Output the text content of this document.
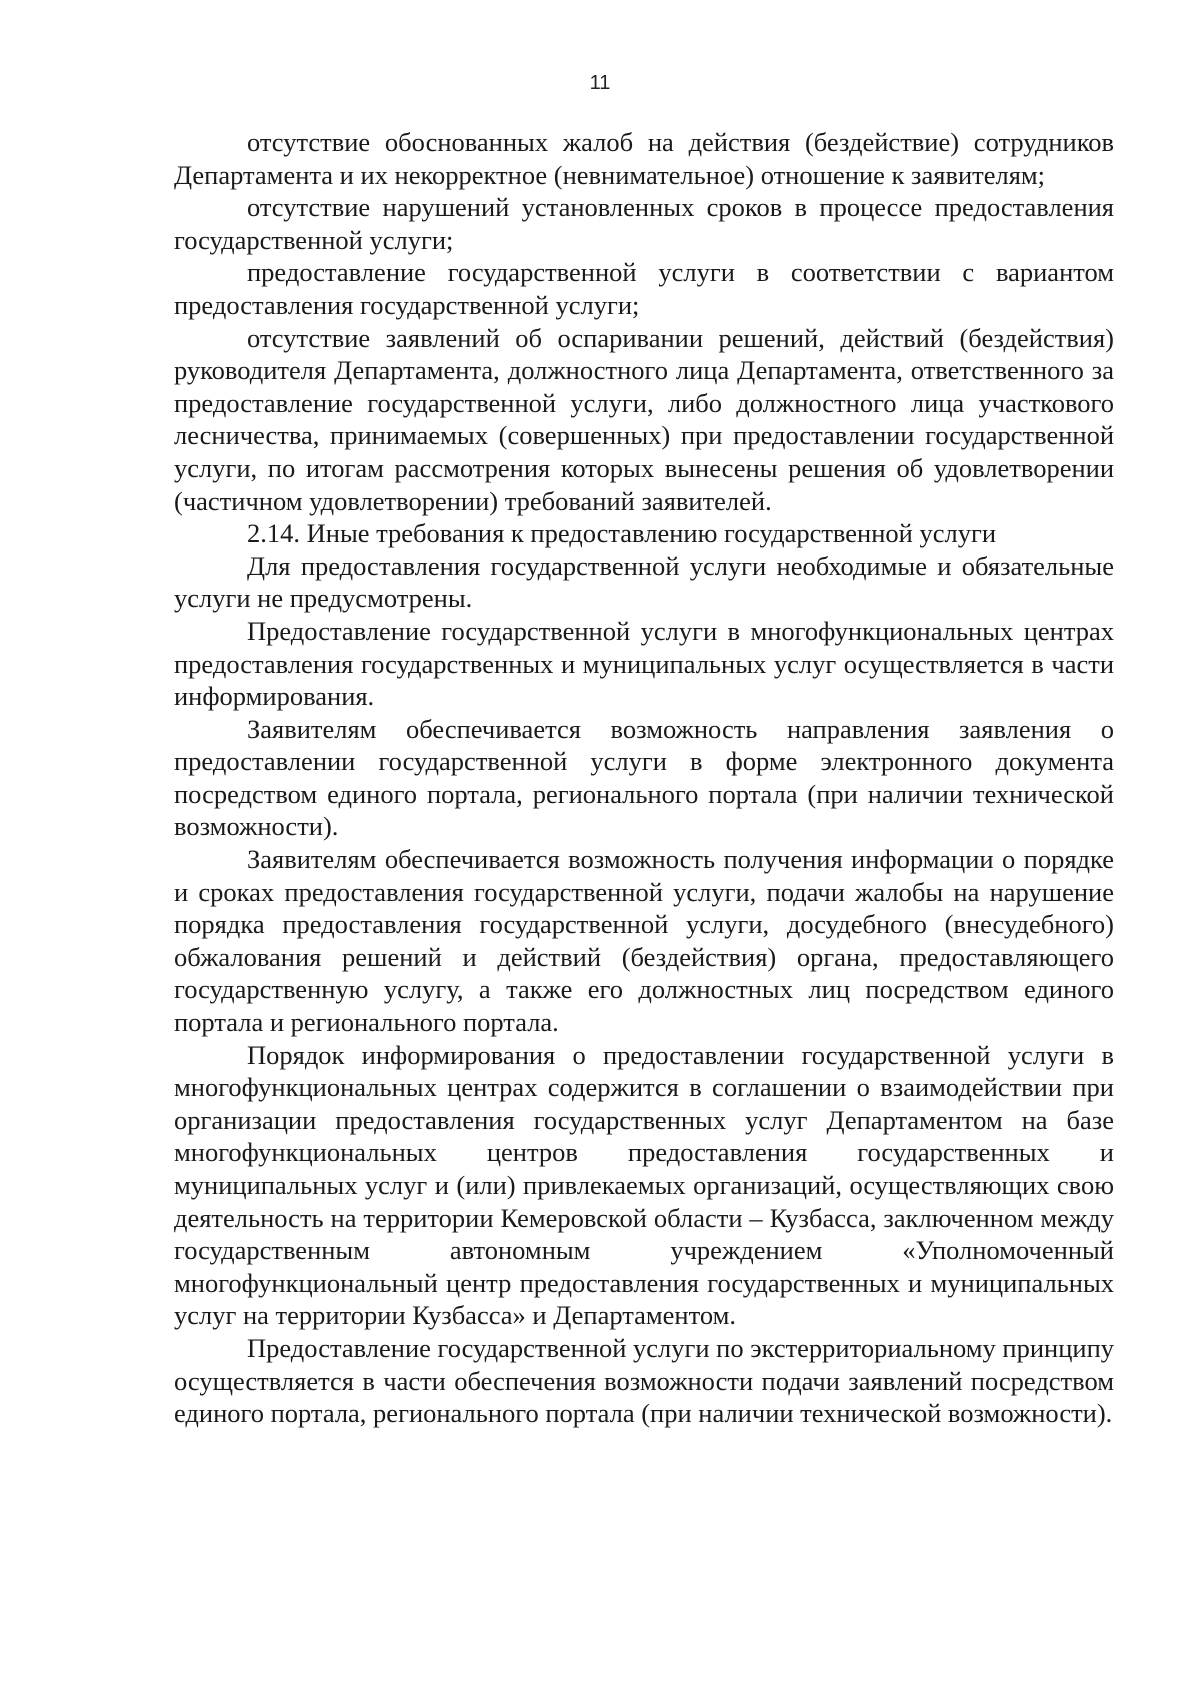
11

отсутствие обоснованных жалоб на действия (бездействие) сотрудников Департамента и их некорректное (невнимательное) отношение к заявителям;

отсутствие нарушений установленных сроков в процессе предоставления государственной услуги;

предоставление государственной услуги в соответствии с вариантом предоставления государственной услуги;

отсутствие заявлений об оспаривании решений, действий (бездействия) руководителя Департамента, должностного лица Департамента, ответственного за предоставление государственной услуги, либо должностного лица участкового лесничества, принимаемых (совершенных) при предоставлении государственной услуги, по итогам рассмотрения которых вынесены решения об удовлетворении (частичном удовлетворении) требований заявителей.

2.14. Иные требования к предоставлению государственной услуги

Для предоставления государственной услуги необходимые и обязательные услуги не предусмотрены.

Предоставление государственной услуги в многофункциональных центрах предоставления государственных и муниципальных услуг осуществляется в части информирования.

Заявителям обеспечивается возможность направления заявления о предоставлении государственной услуги в форме электронного документа посредством единого портала, регионального портала (при наличии технической возможности).

Заявителям обеспечивается возможность получения информации о порядке и сроках предоставления государственной услуги, подачи жалобы на нарушение порядка предоставления государственной услуги, досудебного (внесудебного) обжалования решений и действий (бездействия) органа, предоставляющего государственную услугу, а также его должностных лиц посредством единого портала и регионального портала.

Порядок информирования о предоставлении государственной услуги в многофункциональных центрах содержится в соглашении о взаимодействии при организации предоставления государственных услуг Департаментом на базе многофункциональных центров предоставления государственных и муниципальных услуг и (или) привлекаемых организаций, осуществляющих свою деятельность на территории Кемеровской области – Кузбасса, заключенном между государственным автономным учреждением «Уполномоченный многофункциональный центр предоставления государственных и муниципальных услуг на территории Кузбасса» и Департаментом.

Предоставление государственной услуги по экстерриториальному принципу осуществляется в части обеспечения возможности подачи заявлений посредством единого портала, регионального портала (при наличии технической возможности).
